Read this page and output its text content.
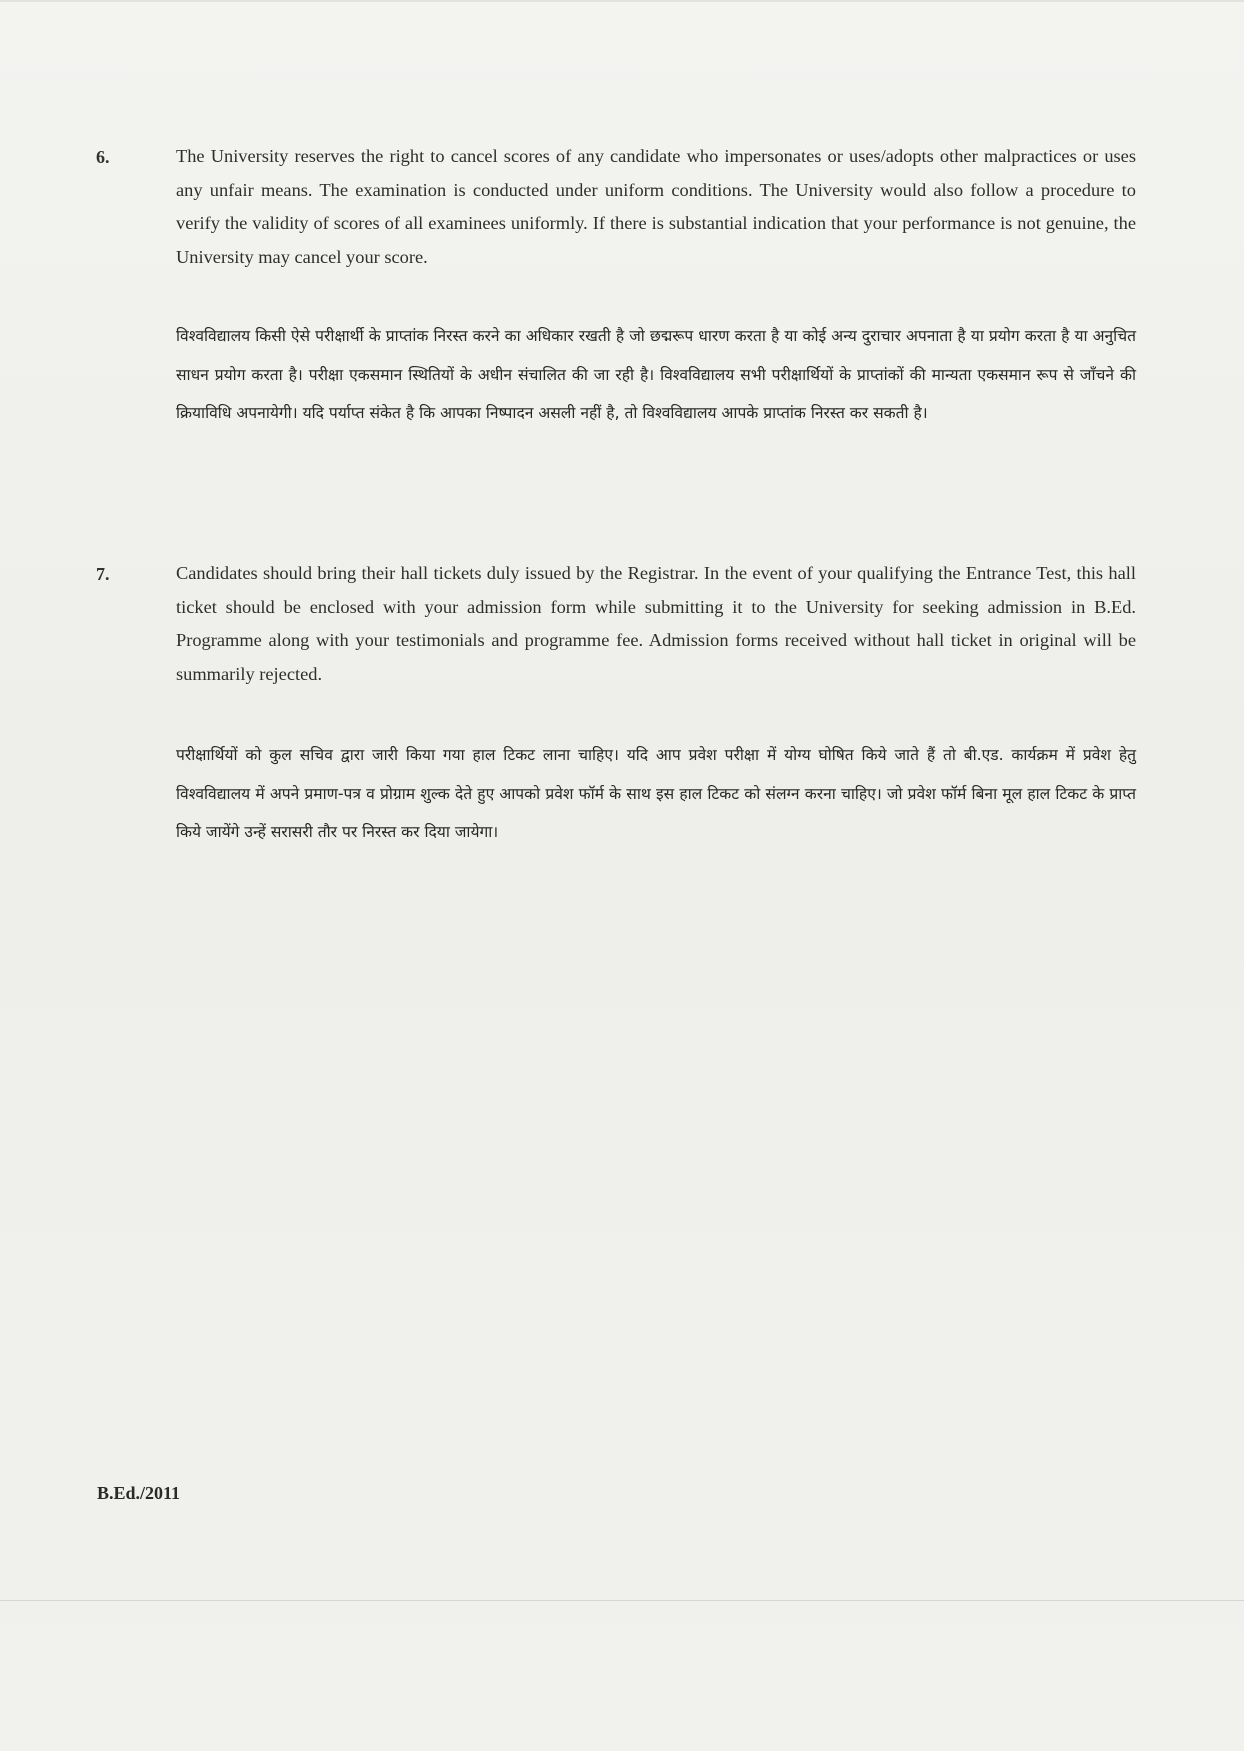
6.	The University reserves the right to cancel scores of any candidate who impersonates or uses/adopts other malpractices or uses any unfair means. The examination is conducted under uniform conditions. The University would also follow a procedure to verify the validity of scores of all examinees uniformly. If there is substantial indication that your performance is not genuine, the University may cancel your score.

विश्वविद्यालय किसी ऐसे परीक्षार्थी के प्राप्तांक निरस्त करने का अधिकार रखती है जो छद्मरूप धारण करता है या कोई अन्य दुराचार अपनाता है या प्रयोग करता है या अनुचित साधन प्रयोग करता है। परीक्षा एकसमान स्थितियों के अधीन संचालित की जा रही है। विश्वविद्यालय सभी परीक्षार्थियों के प्राप्तांकों की मान्यता एकसमान रूप से जाँचने की क्रियाविधि अपनायेगी। यदि पर्याप्त संकेत है कि आपका निष्पादन असली नहीं है, तो विश्वविद्यालय आपके प्राप्तांक निरस्त कर सकती है।

7.	Candidates should bring their hall tickets duly issued by the Registrar. In the event of your qualifying the Entrance Test, this hall ticket should be enclosed with your admission form while submitting it to the University for seeking admission in B.Ed. Programme along with your testimonials and programme fee. Admission forms received without hall ticket in original will be summarily rejected.

परीक्षार्थियों को कुल सचिव द्वारा जारी किया गया हाल टिकट लाना चाहिए। यदि आप प्रवेश परीक्षा में योग्य घोषित किये जाते हैं तो बी.एड. कार्यक्रम में प्रवेश हेतु विश्वविद्यालय में अपने प्रमाण-पत्र व प्रोग्राम शुल्क देते हुए आपको प्रवेश फॉर्म के साथ इस हाल टिकट को संलग्न करना चाहिए। जो प्रवेश फॉर्म बिना मूल हाल टिकट के प्राप्त किये जायेंगे उन्हें सरासरी तौर पर निरस्त कर दिया जायेगा।

B.Ed./2011
